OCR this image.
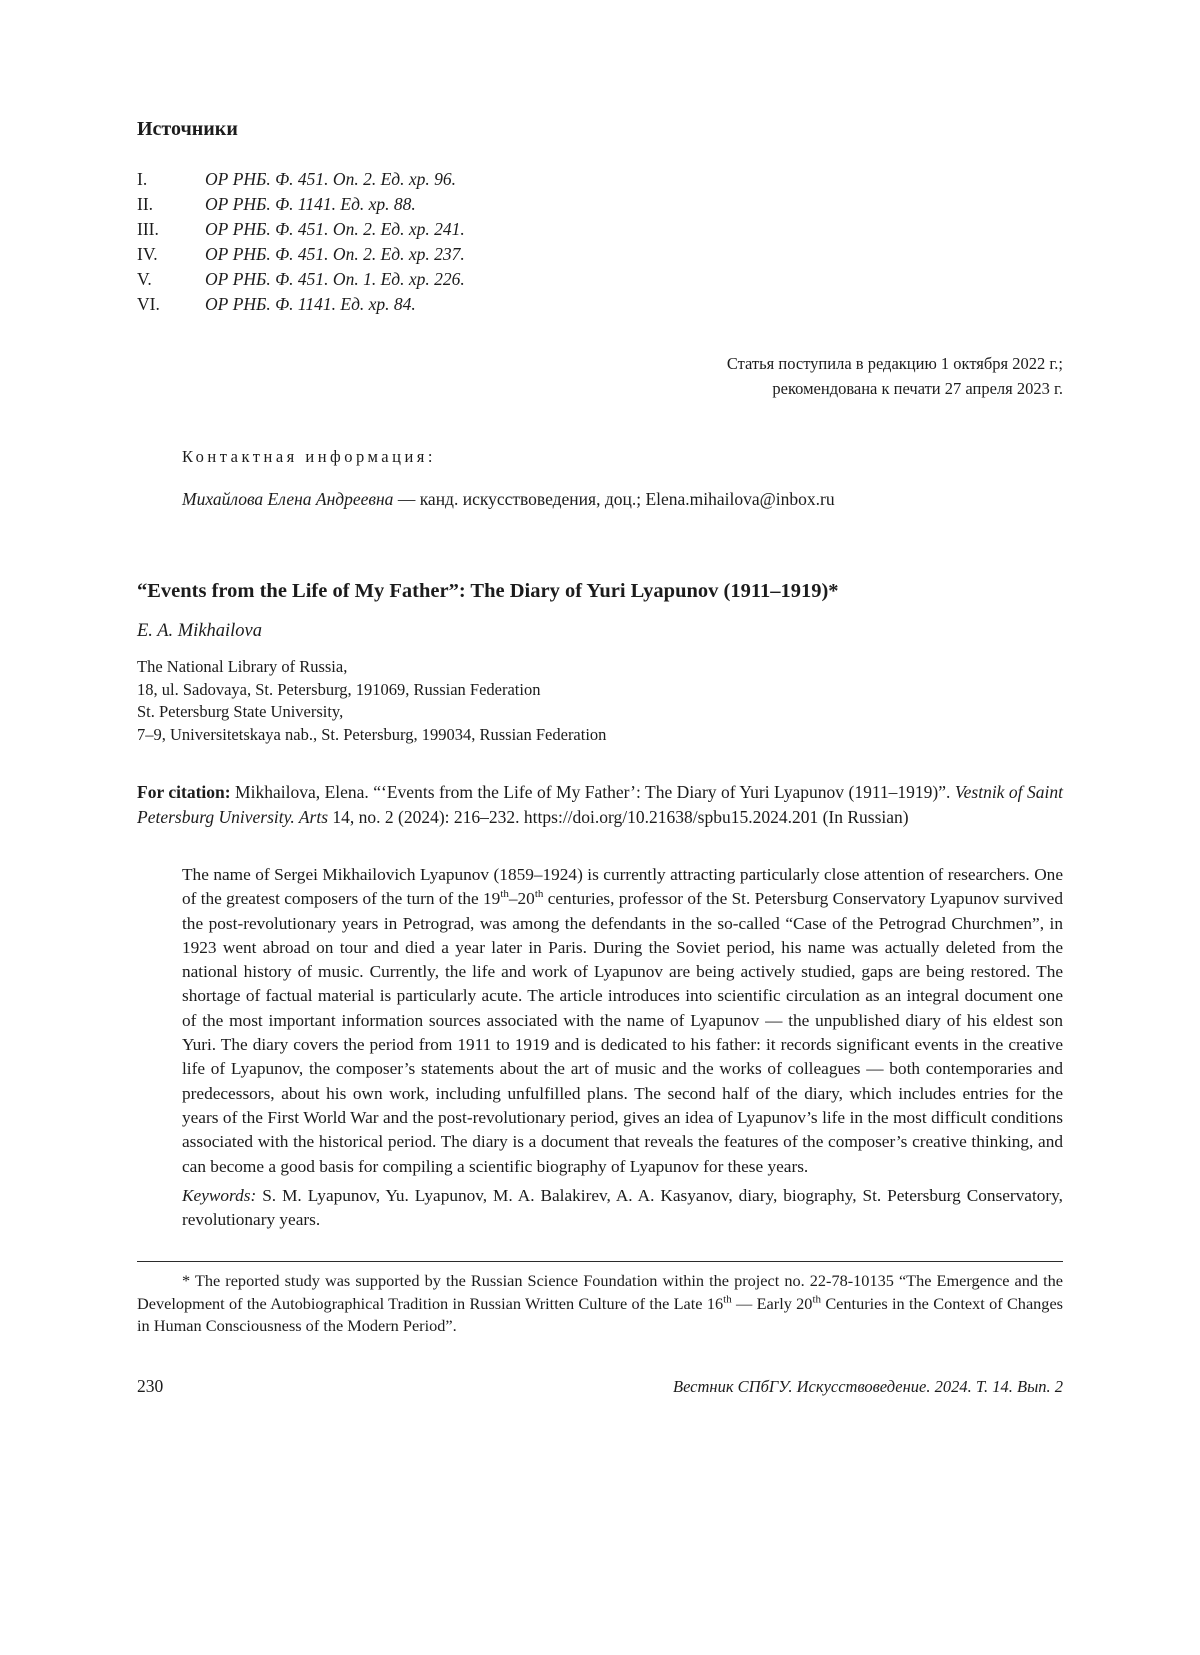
Источники
I.	ОР РНБ. Ф. 451. Оп. 2. Ед. хр. 96.
II.	ОР РНБ. Ф. 1141. Ед. хр. 88.
III.	ОР РНБ. Ф. 451. Оп. 2. Ед. хр. 241.
IV.	ОР РНБ. Ф. 451. Оп. 2. Ед. хр. 237.
V.	ОР РНБ. Ф. 451. Оп. 1. Ед. хр. 226.
VI.	ОР РНБ. Ф. 1141. Ед. хр. 84.
Статья поступила в редакцию 1 октября 2022 г.;
рекомендована к печати 27 апреля 2023 г.
Контактная информация:
Михайлова Елена Андреевна — канд. искусствоведения, доц.; Elena.mihailova@inbox.ru
“Events from the Life of My Father”: The Diary of Yuri Lyapunov (1911–1919)*
E. A. Mikhailova
The National Library of Russia,
18, ul. Sadovaya, St. Petersburg, 191069, Russian Federation
St. Petersburg State University,
7–9, Universitetskaya nab., St. Petersburg, 199034, Russian Federation
For citation: Mikhailova, Elena. “‘Events from the Life of My Father’: The Diary of Yuri Lyapunov (1911–1919)”. Vestnik of Saint Petersburg University. Arts 14, no. 2 (2024): 216–232. https://doi.org/10.21638/spbu15.2024.201 (In Russian)
The name of Sergei Mikhailovich Lyapunov (1859–1924) is currently attracting particularly close attention of researchers. One of the greatest composers of the turn of the 19th–20th centuries, professor of the St. Petersburg Conservatory Lyapunov survived the post-revolutionary years in Petrograd, was among the defendants in the so-called “Case of the Petrograd Churchmen”, in 1923 went abroad on tour and died a year later in Paris. During the Soviet period, his name was actually deleted from the national history of music. Currently, the life and work of Lyapunov are being actively studied, gaps are being restored. The shortage of factual material is particularly acute. The article introduces into scientific circulation as an integral document one of the most important information sources associated with the name of Lyapunov — the unpublished diary of his eldest son Yuri. The diary covers the period from 1911 to 1919 and is dedicated to his father: it records significant events in the creative life of Lyapunov, the composer’s statements about the art of music and the works of colleagues — both contemporaries and predecessors, about his own work, including unfulfilled plans. The second half of the diary, which includes entries for the years of the First World War and the post-revolutionary period, gives an idea of Lyapunov’s life in the most difficult conditions associated with the historical period. The diary is a document that reveals the features of the composer’s creative thinking, and can become a good basis for compiling a scientific biography of Lyapunov for these years.
Keywords: S. M. Lyapunov, Yu. Lyapunov, M. A. Balakirev, A. A. Kasyanov, diary, biography, St. Petersburg Conservatory, revolutionary years.
* The reported study was supported by the Russian Science Foundation within the project no. 22-78-10135 “The Emergence and the Development of the Autobiographical Tradition in Russian Written Culture of the Late 16th — Early 20th Centuries in the Context of Changes in Human Consciousness of the Modern Period”.
230	Вестник СПбГУ. Искусствоведение. 2024. Т. 14. Вып. 2
